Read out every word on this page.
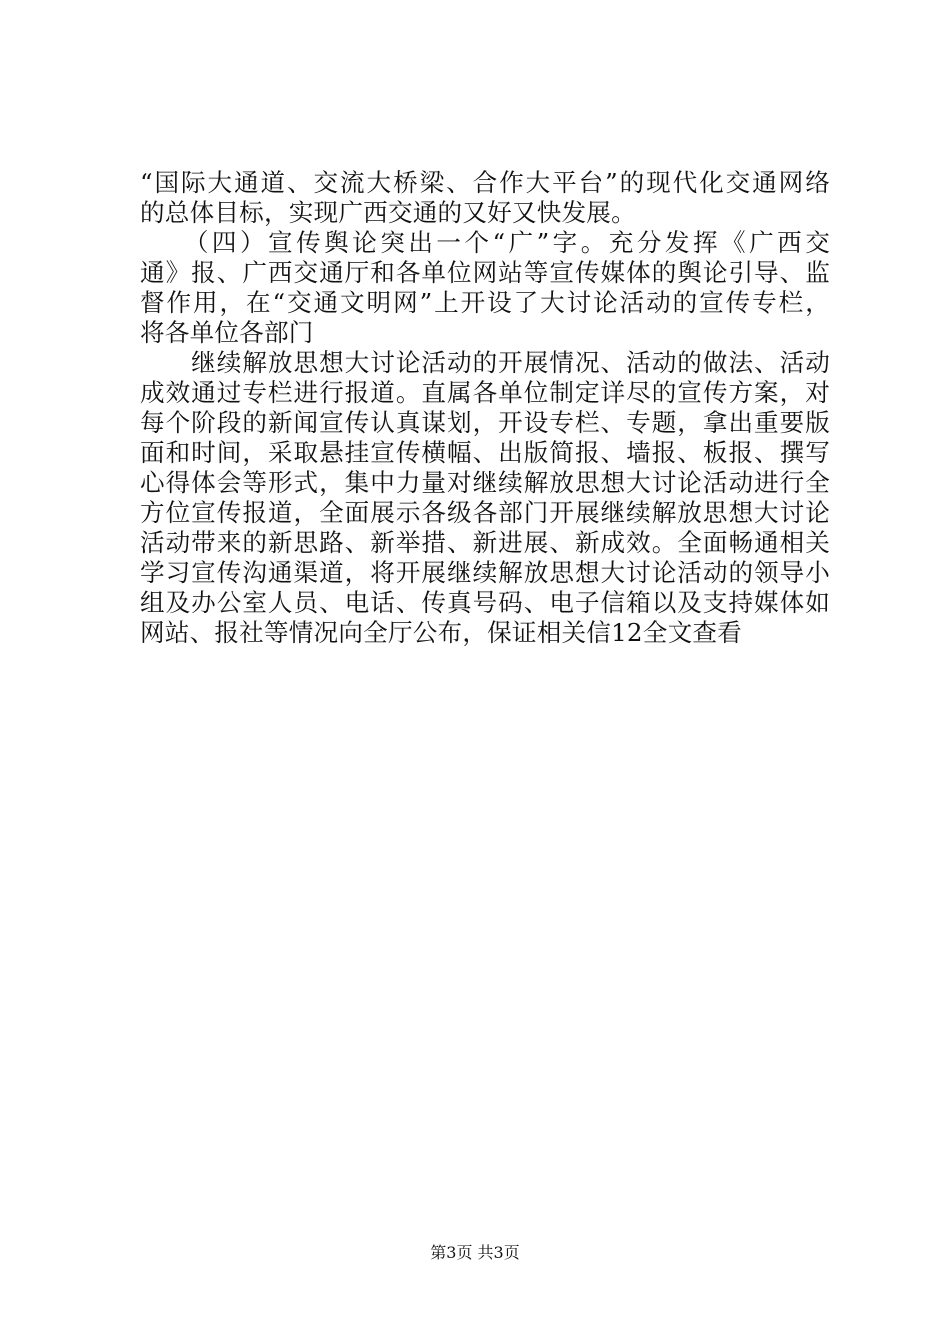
“国际大通道、交流大桥梁、合作大平台”的现代化交通网络
的总体目标，实现广西交通的又好又快发展。
　　（四）宣传舆论突出一个“广”字。充分发挥《广西交
通》报、广西交通厅和各单位网站等宣传媒体的舆论引导、监
督作用，在“交通文明网”上开设了大讨论活动的宣传专栏，
将各单位各部门
　　继续解放思想大讨论活动的开展情况、活动的做法、活动
成效通过专栏进行报道。直属各单位制定详尽的宣传方案，对
每个阶段的新闻宣传认真谋划，开设专栏、专题，拿出重要版
面和时间，采取悬挂宣传横幅、出版简报、墙报、板报、撰写
心得体会等形式，集中力量对继续解放思想大讨论活动进行全
方位宣传报道，全面展示各级各部门开展继续解放思想大讨论
活动带来的新思路、新举措、新进展、新成效。全面畅通相关
学习宣传沟通渠道，将开展继续解放思想大讨论活动的领导小
组及办公室人员、电话、传真号码、电子信箱以及支持媒体如
网站、报社等情况向全厅公布，保证相关信12全文查看
第3页 共3页
